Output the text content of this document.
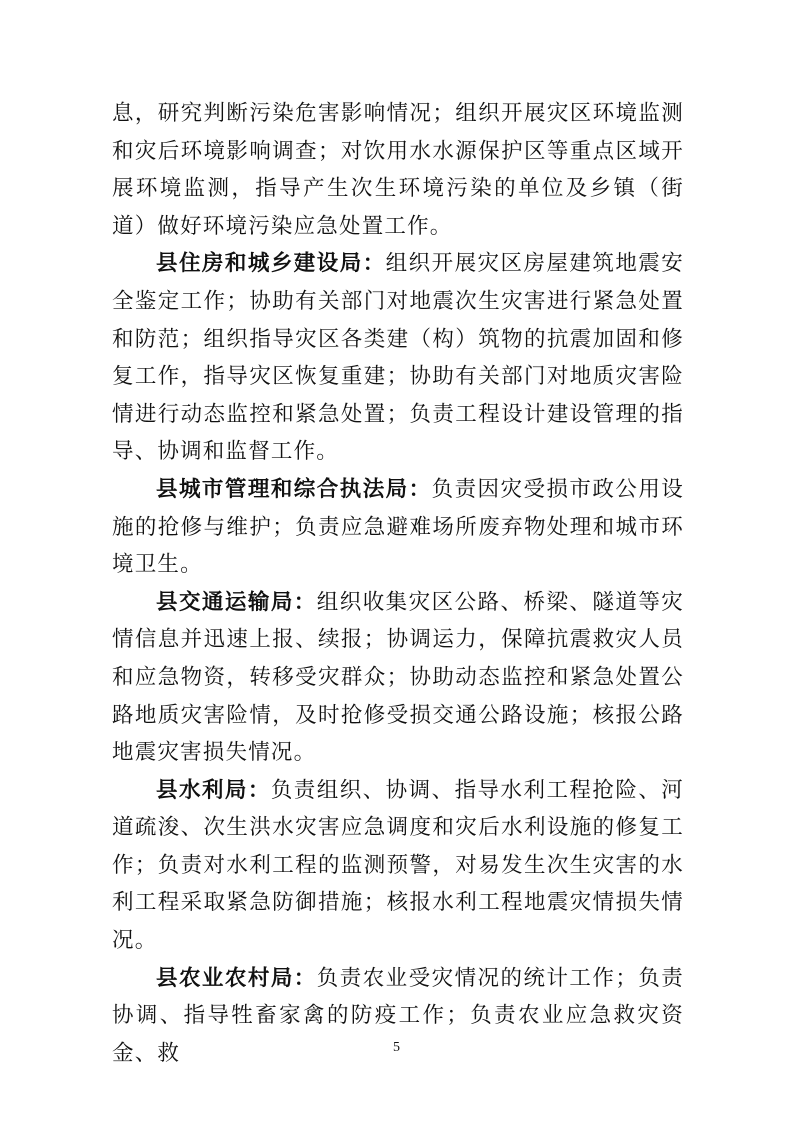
息，研究判断污染危害影响情况；组织开展灾区环境监测和灾后环境影响调查；对饮用水水源保护区等重点区域开展环境监测，指导产生次生环境污染的单位及乡镇（街道）做好环境污染应急处置工作。

县住房和城乡建设局：组织开展灾区房屋建筑地震安全鉴定工作；协助有关部门对地震次生灾害进行紧急处置和防范；组织指导灾区各类建（构）筑物的抗震加固和修复工作，指导灾区恢复重建；协助有关部门对地质灾害险情进行动态监控和紧急处置；负责工程设计建设管理的指导、协调和监督工作。

县城市管理和综合执法局：负责因灾受损市政公用设施的抢修与维护；负责应急避难场所废弃物处理和城市环境卫生。

县交通运输局：组织收集灾区公路、桥梁、隧道等灾情信息并迅速上报、续报；协调运力，保障抗震救灾人员和应急物资，转移受灾群众；协助动态监控和紧急处置公路地质灾害险情，及时抢修受损交通公路设施；核报公路地震灾害损失情况。

县水利局：负责组织、协调、指导水利工程抢险、河道疏浚、次生洪水灾害应急调度和灾后水利设施的修复工作；负责对水利工程的监测预警，对易发生次生灾害的水利工程采取紧急防御措施；核报水利工程地震灾情损失情况。

县农业农村局：负责农业受灾情况的统计工作；负责协调、指导牲畜家禽的防疫工作；负责农业应急救灾资金、救	5
